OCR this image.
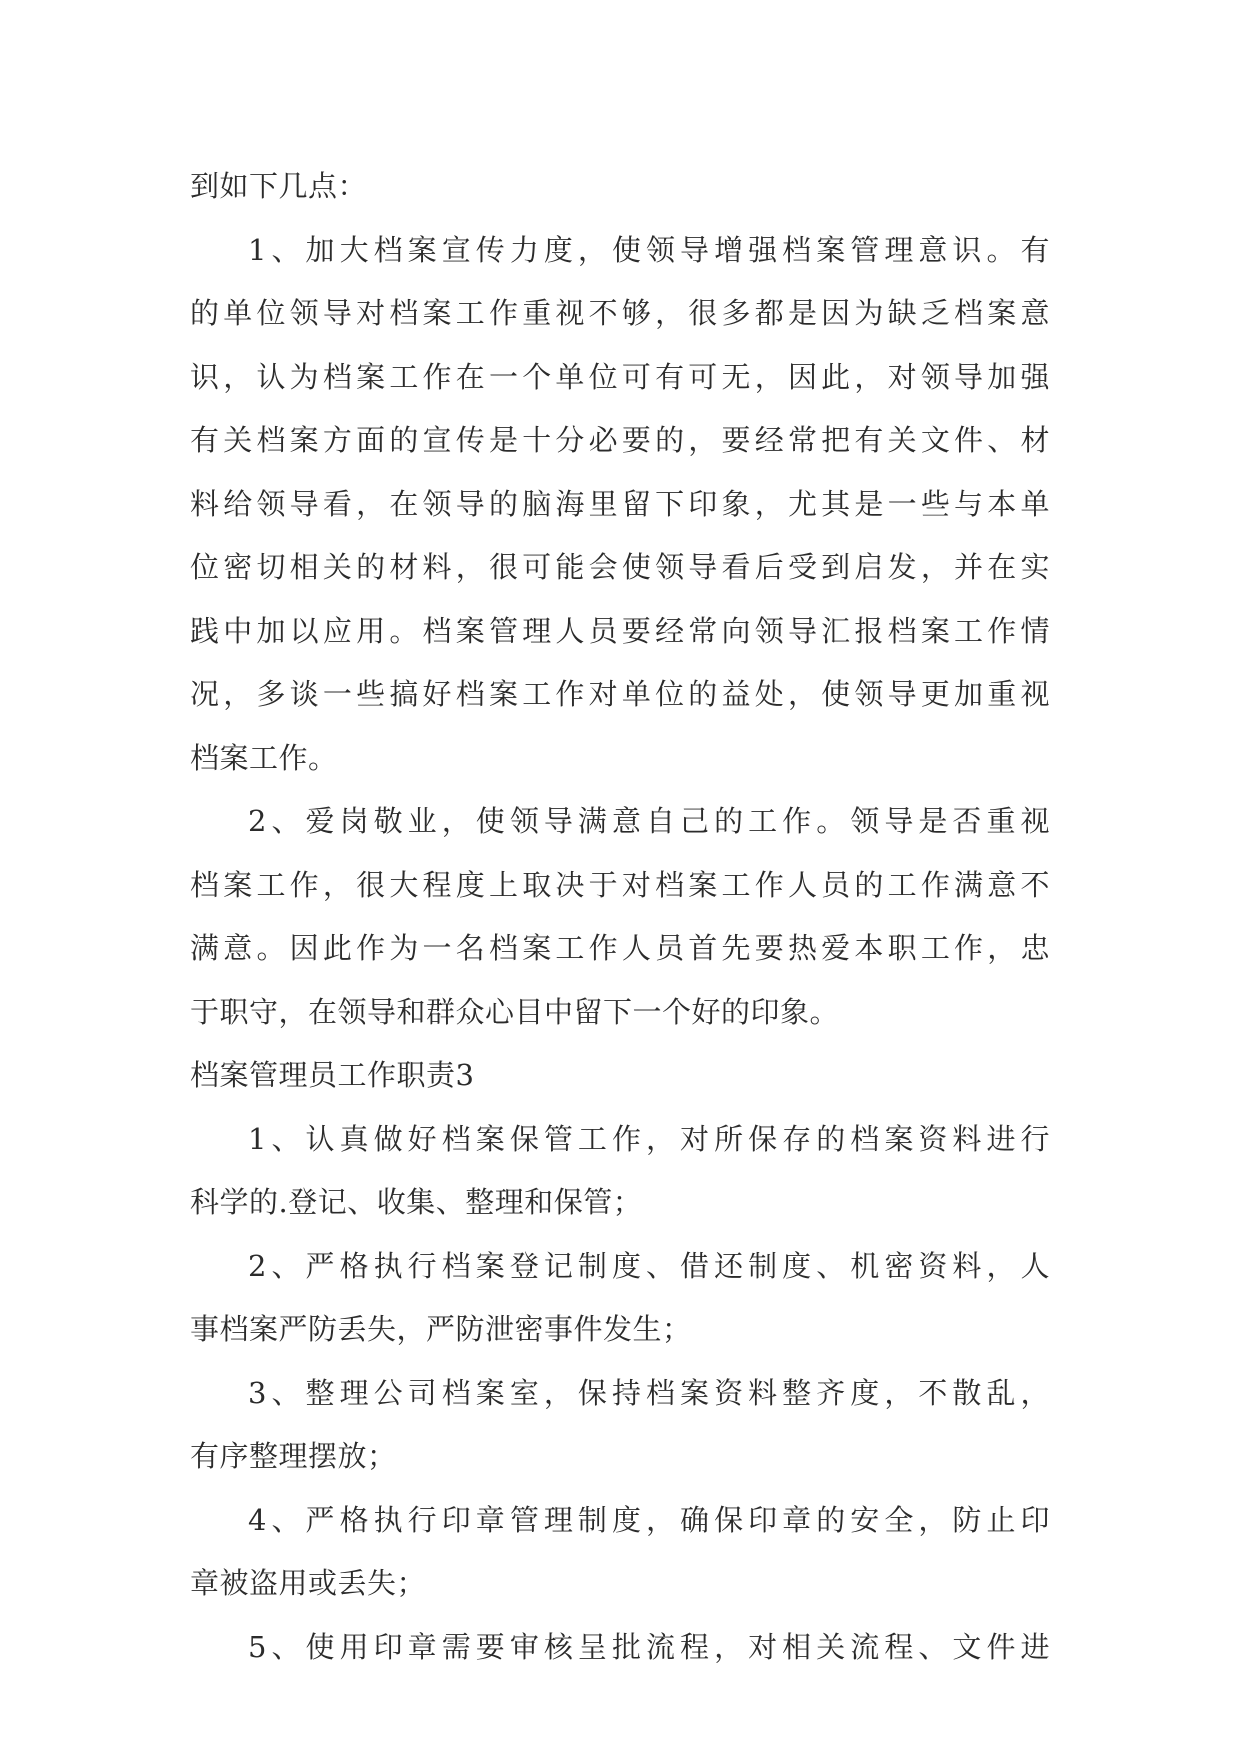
到如下几点：
1、加大档案宣传力度，使领导增强档案管理意识。有
的单位领导对档案工作重视不够，很多都是因为缺乏档案意
识，认为档案工作在一个单位可有可无，因此，对领导加强
有关档案方面的宣传是十分必要的，要经常把有关文件、材
料给领导看，在领导的脑海里留下印象，尤其是一些与本单
位密切相关的材料，很可能会使领导看后受到启发，并在实
践中加以应用。档案管理人员要经常向领导汇报档案工作情
况，多谈一些搞好档案工作对单位的益处，使领导更加重视
档案工作。
2、爱岗敬业，使领导满意自己的工作。领导是否重视
档案工作，很大程度上取决于对档案工作人员的工作满意不
满意。因此作为一名档案工作人员首先要热爱本职工作，忠
于职守，在领导和群众心目中留下一个好的印象。
档案管理员工作职责3
1、认真做好档案保管工作，对所保存的档案资料进行
科学的.登记、收集、整理和保管；
2、严格执行档案登记制度、借还制度、机密资料，人
事档案严防丢失，严防泄密事件发生；
3、整理公司档案室，保持档案资料整齐度，不散乱，
有序整理摆放；
4、严格执行印章管理制度，确保印章的安全，防止印
章被盗用或丢失；
5、使用印章需要审核呈批流程，对相关流程、文件进
